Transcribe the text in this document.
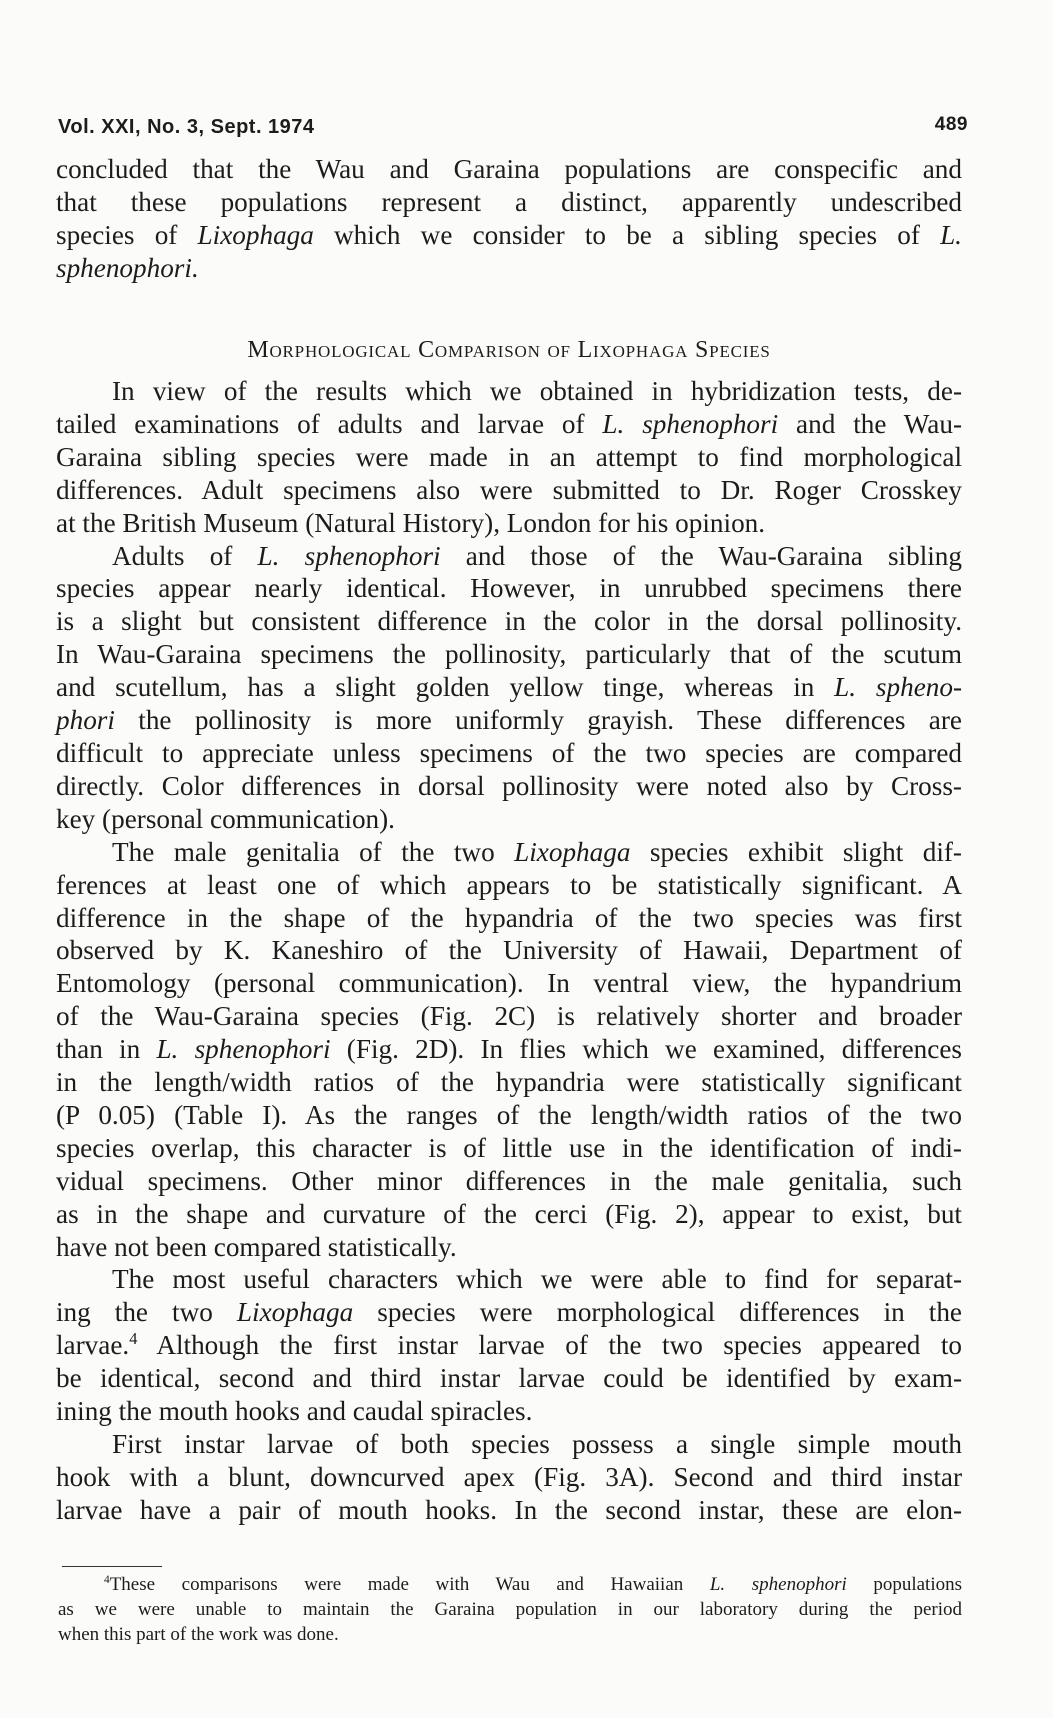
Vol. XXI, No. 3, Sept. 1974	489

concluded that the Wau and Garaina populations are conspecific and
that these populations represent a distinct, apparently undescribed
species of Lixophaga which we consider to be a sibling species of L.
sphenophori.

Morphological Comparison of Lixophaga Species

In view of the results which we obtained in hybridization tests, de-
tailed examinations of adults and larvae of L. sphenophori and the Wau-
Garaina sibling species were made in an attempt to find morphological
differences. Adult specimens also were submitted to Dr. Roger Crosskey
at the British Museum (Natural History), London for his opinion.

Adults of L. sphenophori and those of the Wau-Garaina sibling
species appear nearly identical. However, in unrubbed specimens there
is a slight but consistent difference in the color in the dorsal pollinosity.
In Wau-Garaina specimens the pollinosity, particularly that of the scutum
and scutellum, has a slight golden yellow tinge, whereas in L. spheno-
phori the pollinosity is more uniformly grayish. These differences are
difficult to appreciate unless specimens of the two species are compared
directly. Color differences in dorsal pollinosity were noted also by Cross-
key (personal communication).

The male genitalia of the two Lixophaga species exhibit slight dif-
ferences at least one of which appears to be statistically significant. A
difference in the shape of the hypandria of the two species was first
observed by K. Kaneshiro of the University of Hawaii, Department of
Entomology (personal communication). In ventral view, the hypandrium
of the Wau-Garaina species (Fig. 2C) is relatively shorter and broader
than in L. sphenophori (Fig. 2D). In flies which we examined, differences
in the length/width ratios of the hypandria were statistically significant
(P 0.05) (Table I). As the ranges of the length/width ratios of the two
species overlap, this character is of little use in the identification of indi-
vidual specimens. Other minor differences in the male genitalia, such
as in the shape and curvature of the cerci (Fig. 2), appear to exist, but
have not been compared statistically.

The most useful characters which we were able to find for separat-
ing the two Lixophaga species were morphological differences in the
larvae.$^4$ Although the first instar larvae of the two species appeared to
be identical, second and third instar larvae could be identified by exam-
ining the mouth hooks and caudal spiracles.

First instar larvae of both species possess a single simple mouth
hook with a blunt, downcurved apex (Fig. 3A). Second and third instar
larvae have a pair of mouth hooks. In the second instar, these are elon-

$^4$These comparisons were made with Wau and Hawaiian L. sphenophori populations
as we were unable to maintain the Garaina population in our laboratory during the period
when this part of the work was done.
